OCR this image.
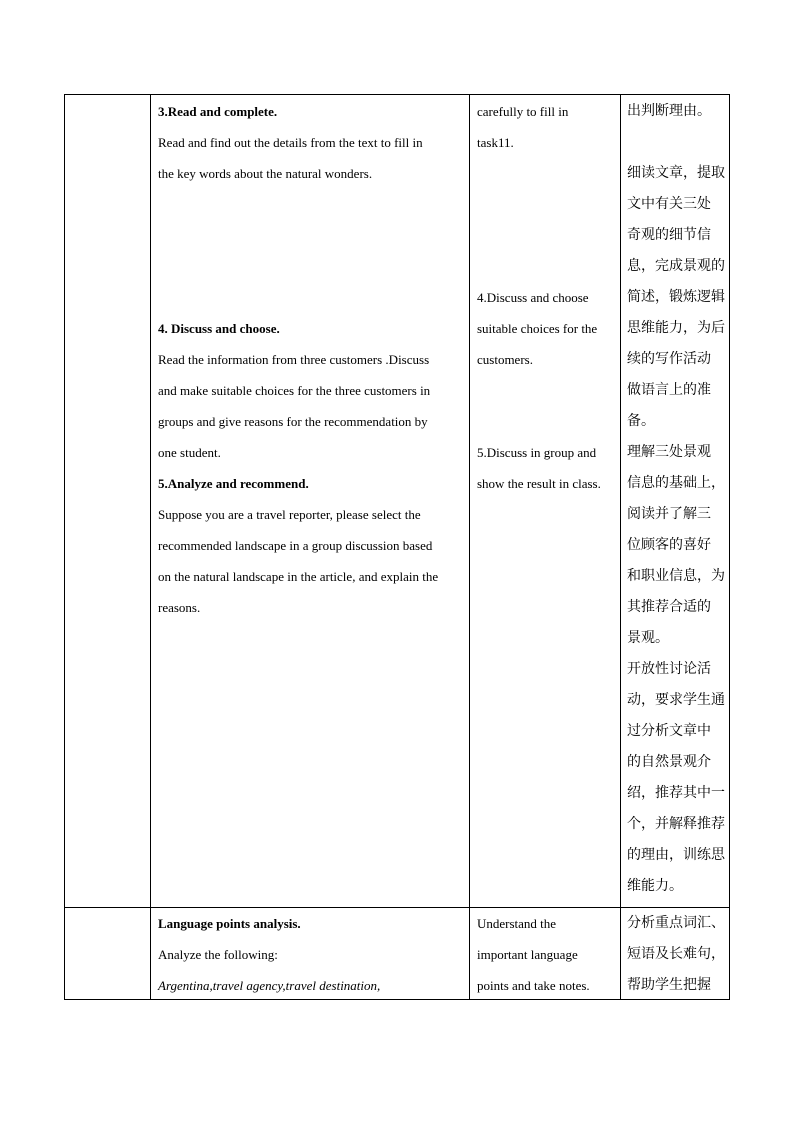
3.Read and complete.

Read and find out the details from the text to fill in

the key words about the natural wonders.

4. Discuss and choose.

Read the information from three customers .Discuss

and make suitable choices for the three customers in

groups and give reasons for the recommendation by

one student.

5.Analyze and recommend.

Suppose you are a travel reporter, please select the

recommended landscape in a group discussion based

on the natural landscape in the article, and explain the

reasons.

carefully to fill in

task11.

4.Discuss and choose

suitable choices for the

customers.

5.Discuss in group and

show the result in class.

出判断理由。

细读文章，提取

文中有关三处

奇观的细节信

息，完成景观的

简述，锻炼逻辑

思维能力，为后

续的写作活动

做语言上的准

备。

理解三处景观

信息的基础上，

阅读并了解三

位顾客的喜好

和职业信息，为

其推荐合适的

景观。

开放性讨论活

动，要求学生通

过分析文章中

的自然景观介

绍，推荐其中一

个，并解释推荐

的理由，训练思

维能力。

Language points analysis.

Analyze the following:

Argentina,travel agency,travel destination,

Understand the

important language

points and take notes.

分析重点词汇、

短语及长难句，

帮助学生把握
